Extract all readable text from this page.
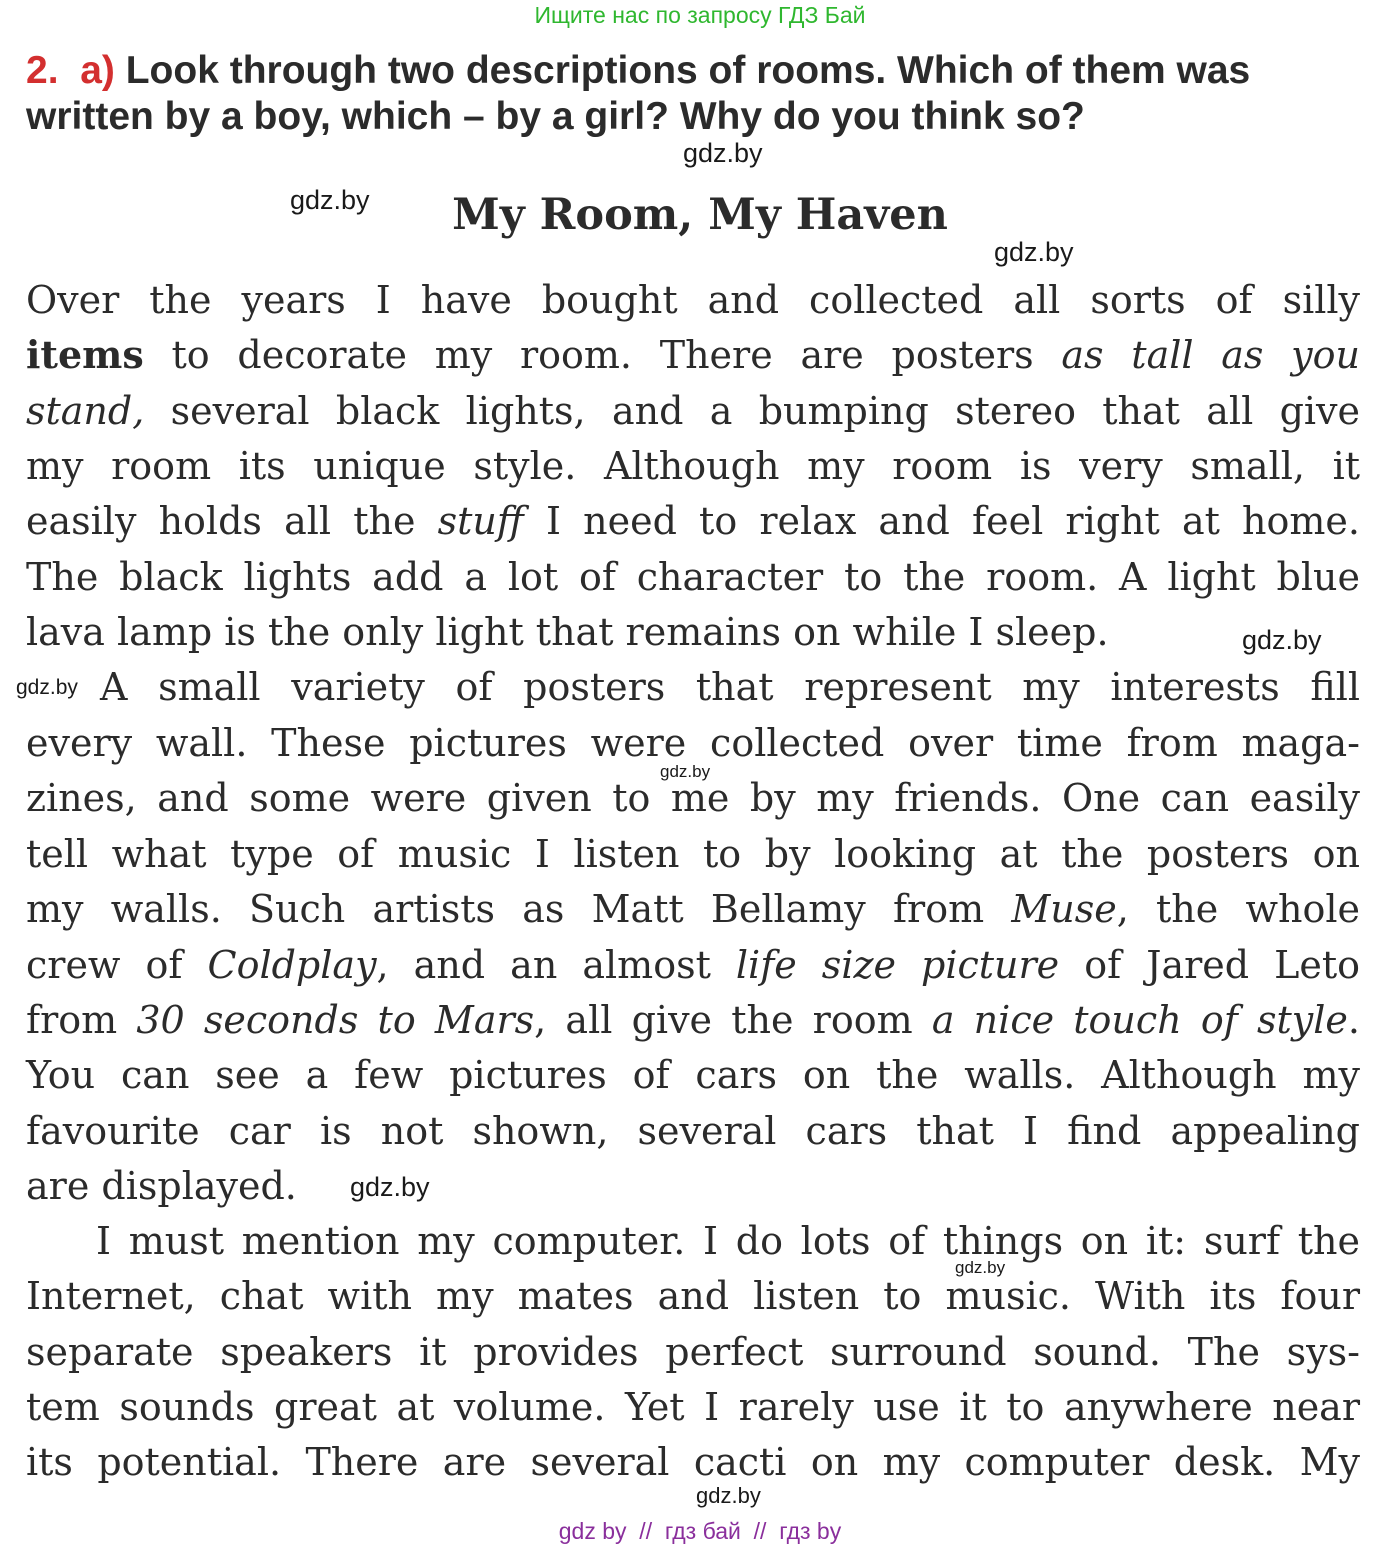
Ищите нас по запросу ГДЗ Бай
2. a) Look through two descriptions of rooms. Which of them was
written by a boy, which – by a girl? Why do you think so?
gdz.by
gdz.by	My Room, My Haven
gdz.by
Over the years I have bought and collected all sorts of silly
items to decorate my room. There are posters as tall as you
stand, several black lights, and a bumping stereo that all give
my room its unique style. Although my room is very small, it
easily holds all the stuff I need to relax and feel right at home.
The black lights add a lot of character to the room. A light blue
lava lamp is the only light that remains on while I sleep.	gdz.by
gdz.by A small variety of posters that represent my interests fill
every wall. These pictures were collected over time from maga-
gdz.by
zines, and some were given to me by my friends. One can easily
tell what type of music I listen to by looking at the posters on
my walls. Such artists as Matt Bellamy from Muse, the whole
crew of Coldplay, and an almost life size picture of Jared Leto
from 30 seconds to Mars, all give the room a nice touch of style.
You can see a few pictures of cars on the walls. Although my
favourite car is not shown, several cars that I find appealing
are displayed.	gdz.by
I must mention my computer. I do lots of things on it: surf the
gdz.by
Internet, chat with my mates and listen to music. With its four
separate speakers it provides perfect surround sound. The sys-
tem sounds great at volume. Yet I rarely use it to anywhere near
its potential. There are several cacti on my computer desk. My
gdz.by
gdz by  //  гдз бай  //  гдз by
